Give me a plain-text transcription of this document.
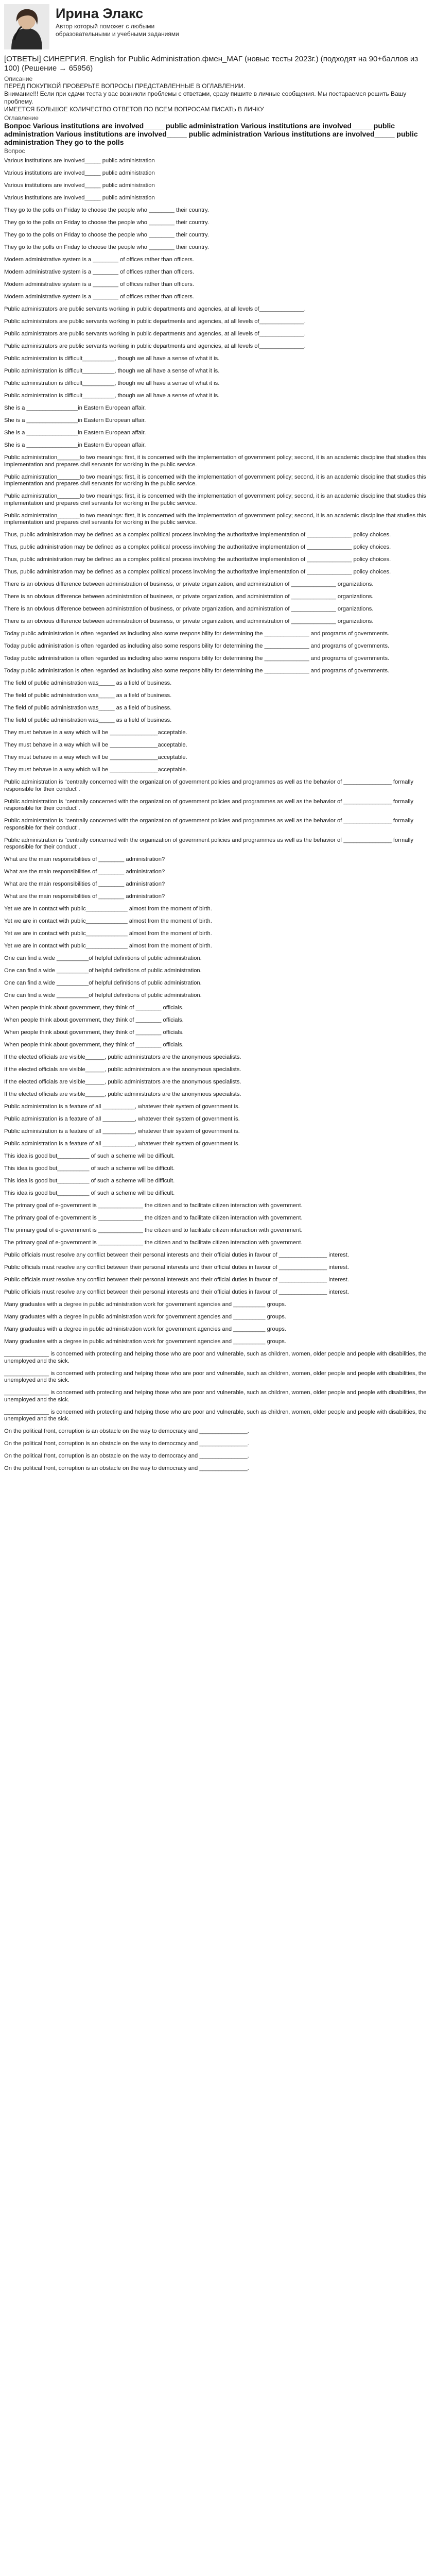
Ирина Элакс
Автор который поможет с любыми образовательными и учебными заданиями
[ОТВЕТЫ] СИНЕРГИЯ. English for Public Administration.фмен_МАГ (новые тесты 2023г.) (подходят на 90+баллов из 100) (Решение → 65956)
Описание

ПЕРЕД ПОКУПКОЙ ПРОВЕРЬТЕ ВОПРОСЫ ПРЕДСТАВЛЕННЫЕ В ОГЛАВЛЕНИИ.

Внимание!!! Если при сдачи теста у вас возникли проблемы с ответами, сразу пишите в личные сообщения. Мы постараемся решить Вашу проблему.

ИМЕЕТСЯ БОЛЬШОЕ КОЛИЧЕСТВО ОТВЕТОВ ПО ВСЕМ ВОПРОСАМ ПИСАТЬ В ЛИЧКУ

Оглавление
Вопрос Various institutions are involved_____ public administration Various institutions are involved_____ public administration Various institutions are involved_____ public administration Various institutions are involved_____ public administration They go to the polls
Вопрос

Various institutions are involved_____ public administration

Various institutions are involved_____ public administration

Various institutions are involved_____ public administration

Various institutions are involved_____ public administration

They go to the polls on Friday to choose the people who ________ their country.

They go to the polls on Friday to choose the people who ________ their country.

They go to the polls on Friday to choose the people who ________ their country.

They go to the polls on Friday to choose the people who ________ their country.

Modern administrative system is a ________ of offices rather than officers.

Modern administrative system is a ________ of offices rather than officers.

Modern administrative system is a ________ of offices rather than officers.

Modern administrative system is a ________ of offices rather than officers.

Public administrators are public servants working in public departments and agencies, at all levels of______________.

Public administrators are public servants working in public departments and agencies, at all levels of______________.

Public administrators are public servants working in public departments and agencies, at all levels of______________.

Public administrators are public servants working in public departments and agencies, at all levels of______________.

Public administration is difficult__________, though we all have a sense of what it is.

Public administration is difficult__________, though we all have a sense of what it is.

Public administration is difficult__________, though we all have a sense of what it is.

Public administration is difficult__________, though we all have a sense of what it is.

She is a ________________in Eastern European affair.

She is a ________________in Eastern European affair.

She is a ________________in Eastern European affair.

She is a ________________in Eastern European affair.

Public administration_______to two meanings: first, it is concerned with the implementation of government policy; second, it is an academic discipline that studies this implementation and prepares civil servants for working in the public service.

Public administration_______to two meanings: first, it is concerned with the implementation of government policy; second, it is an academic discipline that studies this implementation and prepares civil servants for working in the public service.

Public administration_______to two meanings: first, it is concerned with the implementation of government policy; second, it is an academic discipline that studies this implementation and prepares civil servants for working in the public service.

Public administration_______to two meanings: first, it is concerned with the implementation of government policy; second, it is an academic discipline that studies this implementation and prepares civil servants for working in the public service.

Thus, public administration may be defined as a complex political process involving the authoritative implementation of ______________ policy choices.

Thus, public administration may be defined as a complex political process involving the authoritative implementation of ______________ policy choices.

Thus, public administration may be defined as a complex political process involving the authoritative implementation of ______________ policy choices.

Thus, public administration may be defined as a complex political process involving the authoritative implementation of ______________ policy choices.

There is an obvious difference between administration of business, or private organization, and administration of ______________ organizations.

There is an obvious difference between administration of business, or private organization, and administration of ______________ organizations.

There is an obvious difference between administration of business, or private organization, and administration of ______________ organizations.

There is an obvious difference between administration of business, or private organization, and administration of ______________ organizations.

Today public administration is often regarded as including also some responsibility for determining the ______________ and programs of governments.

Today public administration is often regarded as including also some responsibility for determining the ______________ and programs of governments.

Today public administration is often regarded as including also some responsibility for determining the ______________ and programs of governments.

Today public administration is often regarded as including also some responsibility for determining the ______________ and programs of governments.

The field of public administration was_____ as a field of business.

The field of public administration was_____ as a field of business.

The field of public administration was_____ as a field of business.

The field of public administration was_____ as a field of business.

They must behave in a way which will be _______________acceptable.

They must behave in a way which will be _______________acceptable.

They must behave in a way which will be _______________acceptable.

They must behave in a way which will be _______________acceptable.

Public administration is "centrally concerned with the organization of government policies and programmes as well as the behavior of _______________ formally responsible for their conduct".

Public administration is "centrally concerned with the organization of government policies and programmes as well as the behavior of _______________ formally responsible for their conduct".

Public administration is "centrally concerned with the organization of government policies and programmes as well as the behavior of _______________ formally responsible for their conduct".

Public administration is "centrally concerned with the organization of government policies and programmes as well as the behavior of _______________ formally responsible for their conduct".

What are the main responsibilities of ________ administration?

What are the main responsibilities of ________ administration?

What are the main responsibilities of ________ administration?

What are the main responsibilities of ________ administration?

Yet we are in contact with public_____________ almost from the moment of birth.

Yet we are in contact with public_____________ almost from the moment of birth.

Yet we are in contact with public_____________ almost from the moment of birth.

Yet we are in contact with public_____________ almost from the moment of birth.

One can find a wide __________of helpful definitions of public administration.

One can find a wide __________of helpful definitions of public administration.

One can find a wide __________of helpful definitions of public administration.

One can find a wide __________of helpful definitions of public administration.

When people think about government, they think of ________ officials.

When people think about government, they think of ________ officials.

When people think about government, they think of ________ officials.

When people think about government, they think of ________ officials.

If the elected officials are visible______, public administrators are the anonymous specialists.

If the elected officials are visible______, public administrators are the anonymous specialists.

If the elected officials are visible______, public administrators are the anonymous specialists.

If the elected officials are visible______, public administrators are the anonymous specialists.

Public administration is a feature of all __________, whatever their system of government is.

Public administration is a feature of all __________, whatever their system of government is.

Public administration is a feature of all __________, whatever their system of government is.

Public administration is a feature of all __________, whatever their system of government is.

This idea is good but__________ of such a scheme will be difficult.

This idea is good but__________ of such a scheme will be difficult.

This idea is good but__________ of such a scheme will be difficult.

This idea is good but__________ of such a scheme will be difficult.

The primary goal of e-government is ______________ the citizen and to facilitate citizen interaction with government.

The primary goal of e-government is ______________ the citizen and to facilitate citizen interaction with government.

The primary goal of e-government is ______________ the citizen and to facilitate citizen interaction with government.

The primary goal of e-government is ______________ the citizen and to facilitate citizen interaction with government.

Public officials must resolve any conflict between their personal interests and their official duties in favour of _______________ interest.

Public officials must resolve any conflict between their personal interests and their official duties in favour of _______________ interest.

Public officials must resolve any conflict between their personal interests and their official duties in favour of _______________ interest.

Public officials must resolve any conflict between their personal interests and their official duties in favour of _______________ interest.

Many graduates with a degree in public administration work for government agencies and __________ groups.

Many graduates with a degree in public administration work for government agencies and __________ groups.

Many graduates with a degree in public administration work for government agencies and __________ groups.

Many graduates with a degree in public administration work for government agencies and __________ groups.

______________ is concerned with protecting and helping those who are poor and vulnerable, such as children, women, older people and people with disabilities, the unemployed and the sick.

______________ is concerned with protecting and helping those who are poor and vulnerable, such as children, women, older people and people with disabilities, the unemployed and the sick.

______________ is concerned with protecting and helping those who are poor and vulnerable, such as children, women, older people and people with disabilities, the unemployed and the sick.

______________ is concerned with protecting and helping those who are poor and vulnerable, such as children, women, older people and people with disabilities, the unemployed and the sick.

On the political front, corruption is an obstacle on the way to democracy and _______________.

On the political front, corruption is an obstacle on the way to democracy and _______________.

On the political front, corruption is an obstacle on the way to democracy and _______________.

On the political front, corruption is an obstacle on the way to democracy and _______________.
